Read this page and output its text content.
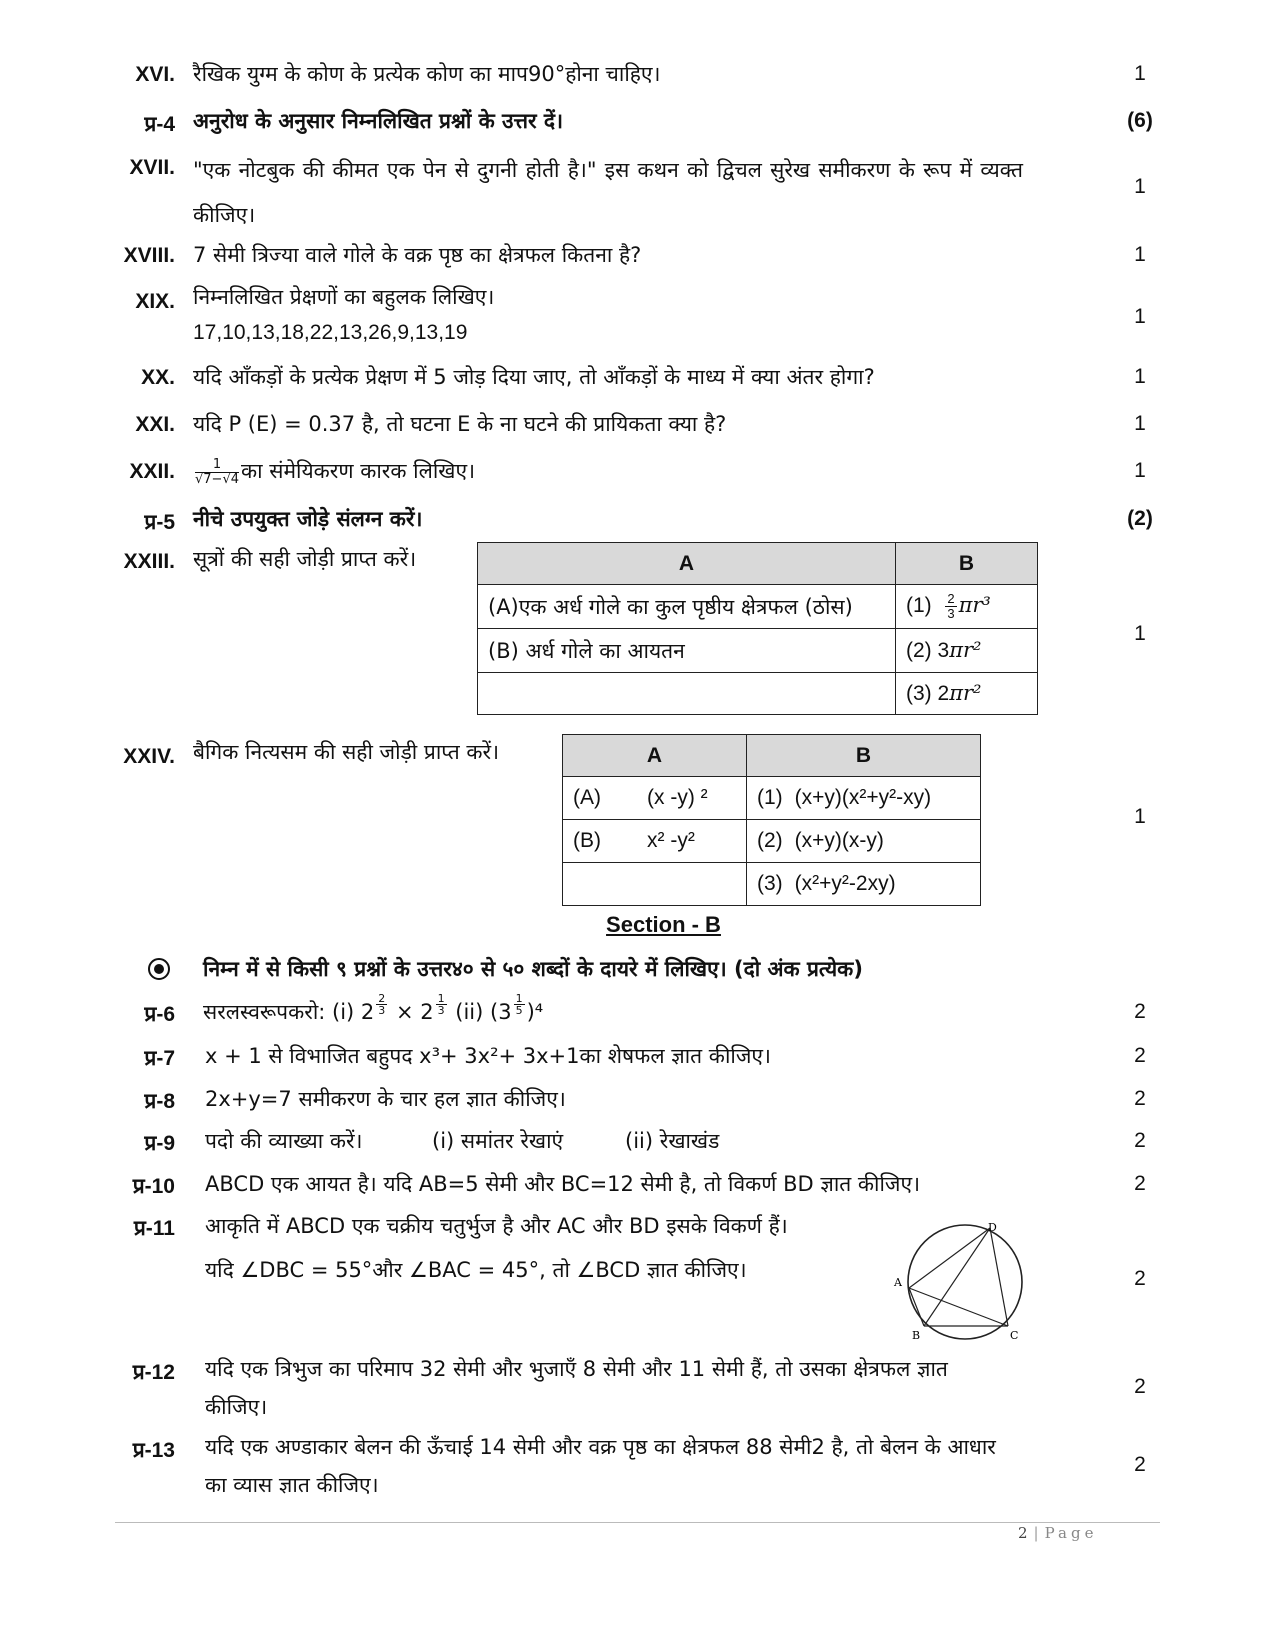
XVI. रैखिक युग्म के कोण के प्रत्येक कोण का माप90°होना चाहिए।	1
प्र-4 अनुरोध के अनुसार निम्नलिखित प्रश्नों के उत्तर दें।	(6)
XVII. "एक नोटबुक की कीमत एक पेन से दुगनी होती है।" इस कथन को द्विचल सुरेख समीकरण के रूप में व्यक्त कीजिए।
1
XVIII. 7 सेमी त्रिज्या वाले गोले के वक्र पृष्ठ का क्षेत्रफल कितना है?	1
XIX. निम्नलिखित प्रेक्षणों का बहुलक लिखिए।
17,10,13,18,22,13,26,9,13,19
1
XX. यदि आँकड़ों के प्रत्येक प्रेक्षण में 5 जोड़ दिया जाए, तो आँकड़ों के माध्य में क्या अंतर होगा?	1
XXI. यदि P (E) = 0.37 है, तो घटना E के ना घटने की प्रायिकता क्या है?	1
XXII. $\frac{1}{√7-√4}$ का संमेयिकरण कारक लिखिए।	1
प्र-5 नीचे उपयुक्त जोड़े संलग्न करें।	(2)
XXIII. सूत्रों की सही जोड़ी प्राप्त करें।
1
A	B
(A)एक अर्ध गोले का कुल पृष्ठीय क्षेत्रफल (ठोस)	$(1) \frac{2}{3} \pi r^3$
(B) अर्ध गोले का आयतन	(2) 3πr²
	(3) 2πr²
XXIV. बैगिक नित्यसम की सही जोड़ी प्राप्त करें।
1
A	B
(A) (x -y) ²	(1) (x+y)(x²+y²-xy)
(B) x² -y²	(2) (x+y)(x-y)
	(3) (x²+y²-2xy)
Section - B
निम्न में से किसी ९ प्रश्नों के उत्तर४० से ५० शब्दों के दायरे में लिखिए। (दो अंक प्रत्येक)
प्र-6 सरलस्वरूपकरो: (i) 2 $^{\frac{2}{3}}$ × 2 $^{\frac{1}{3}}$ (ii) (3 $^{\frac{1}{5}}$ )⁴	2
प्र-7 x + 1 से विभाजित बहुपद x³+ 3x²+ 3x+1का शेषफल ज्ञात कीजिए।	2
प्र-8 2x+y=7 समीकरण के चार हल ज्ञात कीजिए।	2
प्र-9 पदो की व्याख्या करें।	(i) समांतर रेखाएं	(ii) रेखाखंड	2
प्र-10 ABCD एक आयत है। यदि AB=5 सेमी और BC=12 सेमी है, तो विकर्ण BD ज्ञात कीजिए।	2
प्र-11 आकृति में ABCD एक चक्रीय चतुर्भुज है और AC और BD इसके विकर्ण हैं।
यदि ∠DBC = 55°और ∠BAC = 45°, तो ∠BCD ज्ञात कीजिए।	2
A
B	C
D
प्र-12 यदि एक त्रिभुज का परिमाप 32 सेमी और भुजाएँ 8 सेमी और 11 सेमी हैं, तो उसका क्षेत्रफल ज्ञात कीजिए।
2
प्र-13 यदि एक अण्डाकार बेलन की ऊँचाई 14 सेमी और वक्र पृष्ठ का क्षेत्रफल 88 सेमी2 है, तो बेलन के आधार का व्यास ज्ञात कीजिए।
2
2 | Page
